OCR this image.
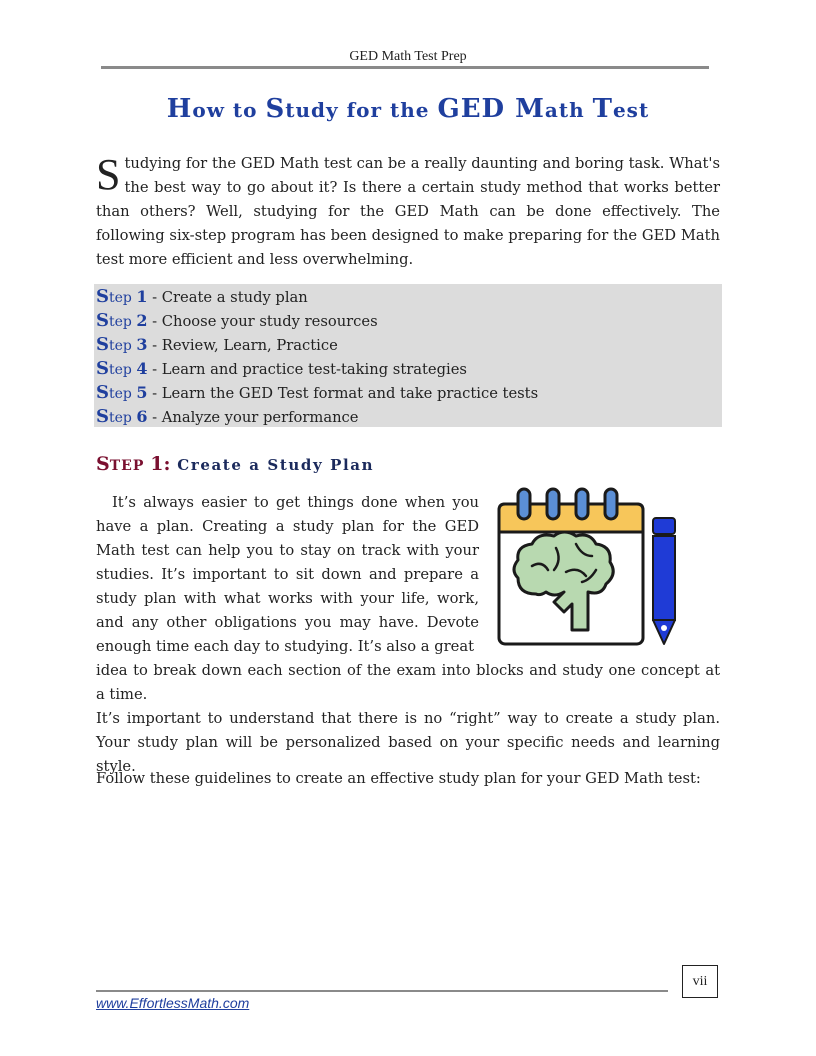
GED Math Test Prep
How to Study for the GED Math Test

Studying for the GED Math test can be a really daunting and boring task. What's the best way to go about it? Is there a certain study method that works better than others? Well, studying for the GED Math can be done effectively. The following six-step program has been designed to make preparing for the GED Math test more efficient and less overwhelming.

Step 1 - Create a study plan
Step 2 - Choose your study resources
Step 3 - Review, Learn, Practice
Step 4 - Learn and practice test-taking strategies
Step 5 - Learn the GED Test format and take practice tests
Step 6 - Analyze your performance
STEP 1: Create a Study Plan

It’s always easier to get things done when you have a plan. Creating a study plan for the GED Math test can help you to stay on track with your studies. It’s important to sit down and prepare a study plan with what works with your life, work, and any other obligations you may have. Devote enough time each day to studying. It’s also a great

idea to break down each section of the exam into blocks and study one concept at a time.

It’s important to understand that there is no “right” way to create a study plan. Your study plan will be personalized based on your specific needs and learning style.

Follow these guidelines to create an effective study plan for your GED Math test:

vii
www.EffortlessMath.com
